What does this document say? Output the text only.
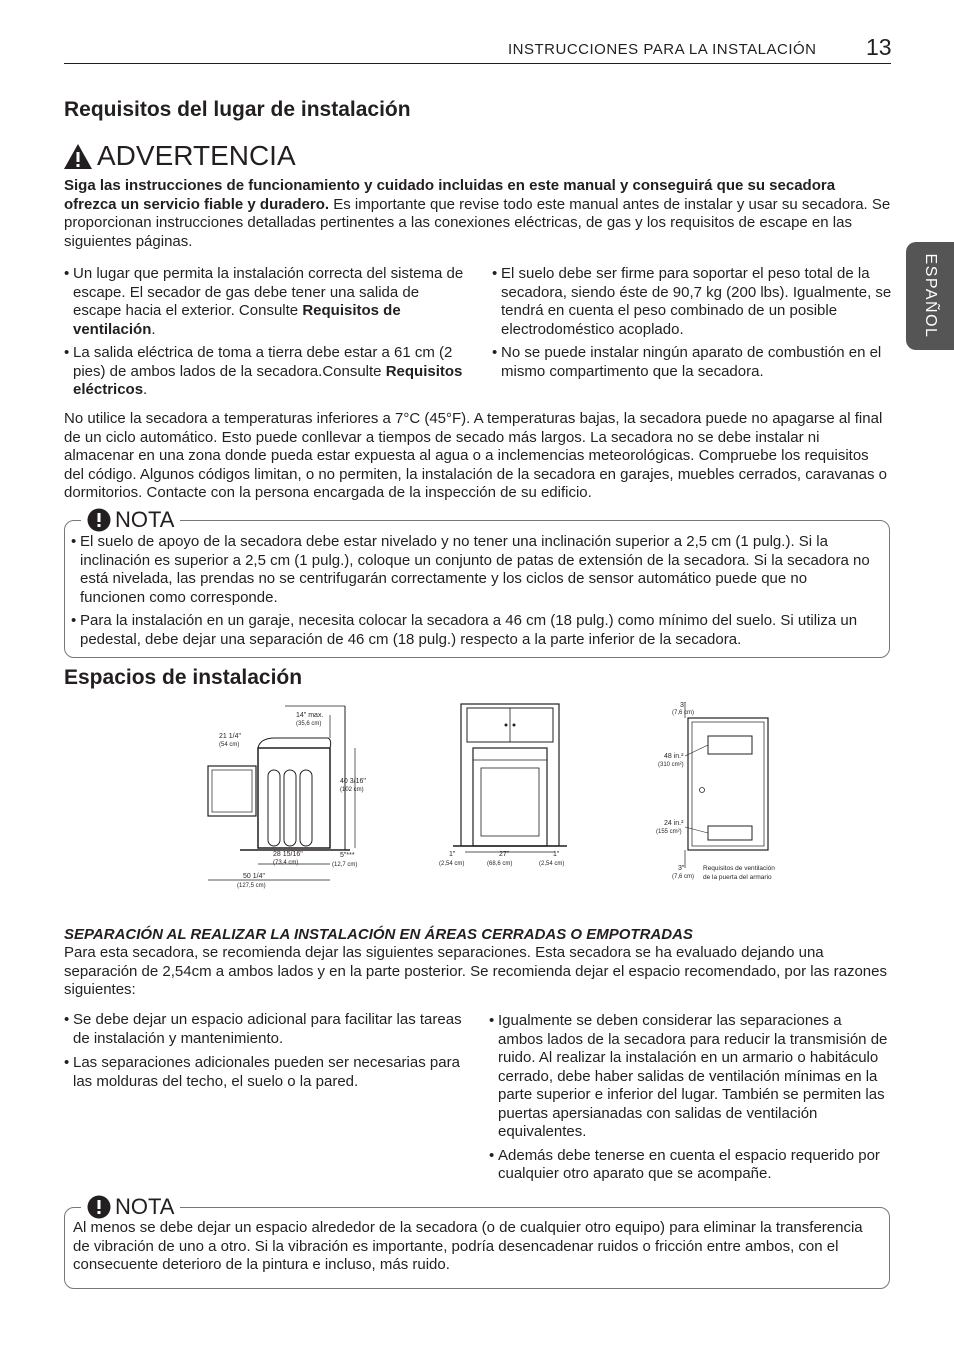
INSTRUCCIONES PARA LA INSTALACIÓN 13
ESPAÑOL
Requisitos del lugar de instalación
ADVERTENCIA
Siga las instrucciones de funcionamiento y cuidado incluidas en este manual y conseguirá que su secadora ofrezca un servicio fiable y duradero. Es importante que revise todo este manual antes de instalar y usar su secadora. Se proporcionan instrucciones detalladas pertinentes a las conexiones eléctricas, de gas y los requisitos de escape en las siguientes páginas.
• Un lugar que permita la instalación correcta del sistema de escape. El secador de gas debe tener una salida de escape hacia el exterior. Consulte Requisitos de ventilación.
• La salida eléctrica de toma a tierra debe estar a 61 cm (2 pies) de ambos lados de la secadora.Consulte Requisitos eléctricos.
• El suelo debe ser firme para soportar el peso total de la secadora, siendo éste de 90,7 kg (200 lbs). Igualmente, se tendrá en cuenta el peso combinado de un posible electrodoméstico acoplado.
• No se puede instalar ningún aparato de combustión en el mismo compartimento que la secadora.
No utilice la secadora a temperaturas inferiores a 7°C (45°F). A temperaturas bajas, la secadora puede no apagarse al final de un ciclo automático. Esto puede conllevar a tiempos de secado más largos. La secadora no se debe instalar ni almacenar en una zona donde pueda estar expuesta al agua o a inclemencias meteorológicas. Compruebe los requisitos del código. Algunos códigos limitan, o no permiten, la instalación de la secadora en garajes, muebles cerrados, caravanas o dormitorios. Contacte con la persona encargada de la inspección de su edificio.
NOTA
• El suelo de apoyo de la secadora debe estar nivelado y no tener una inclinación superior a 2,5 cm (1 pulg.). Si la inclinación es superior a 2,5 cm (1 pulg.), coloque un conjunto de patas de extensión de la secadora. Si la secadora no está nivelada, las prendas no se centrifugarán correctamente y los ciclos de sensor automático puede que no funcionen como corresponde.
• Para la instalación en un garaje, necesita colocar la secadora a 46 cm (18 pulg.) como mínimo del suelo. Si utiliza un pedestal, debe dejar una separación de 46 cm (18 pulg.) respecto a la parte inferior de la secadora.
Espacios de instalación
14" max.
(35,6 cm)
21 1/4"
(54 cm)
40 3/16"
(102 cm)
28 15/16"
(73,4 cm)
5"***
(12,7 cm)
50 1/4"
(127,5 cm)
1"
(2,54 cm)
27"
(68,6 cm)
1"
(2,54 cm)
3"
(7,6 cm)
48 in.²
(310 cm²)
24 in.²
(155 cm²)
3"
(7,6 cm)
Requisitos de ventilación
de la puerta del armario
SEPARACIÓN AL REALIZAR LA INSTALACIÓN EN ÁREAS CERRADAS O EMPOTRADAS
Para esta secadora, se recomienda dejar las siguientes separaciones. Esta secadora se ha evaluado dejando una separación de 2,54cm a ambos lados y en la parte posterior. Se recomienda dejar el espacio recomendado, por las razones siguientes:
• Se debe dejar un espacio adicional para facilitar las tareas de instalación y mantenimiento.
• Las separaciones adicionales pueden ser necesarias para las molduras del techo, el suelo o la pared.
• Igualmente se deben considerar las separaciones a ambos lados de la secadora para reducir la transmisión de ruido. Al realizar la instalación en un armario o habitáculo cerrado, debe haber salidas de ventilación mínimas en la parte superior e inferior del lugar. También se permiten las puertas apersianadas con salidas de ventilación equivalentes.
• Además debe tenerse en cuenta el espacio requerido por cualquier otro aparato que se acompañe.
NOTA
Al menos se debe dejar un espacio alrededor de la secadora (o de cualquier otro equipo) para eliminar la transferencia de vibración de uno a otro. Si la vibración es importante, podría desencadenar ruidos o fricción entre ambos, con el consecuente deterioro de la pintura e incluso, más ruido.
